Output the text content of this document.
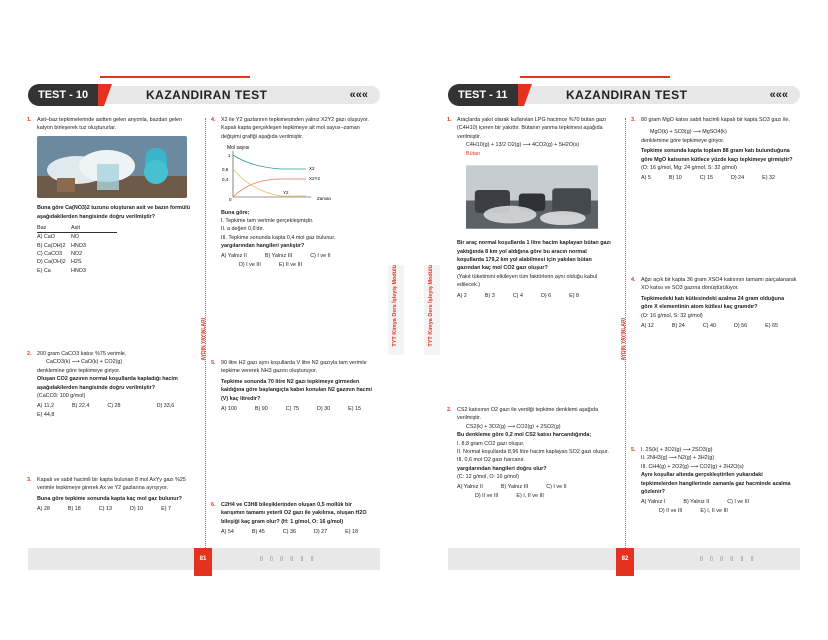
TEST - 10	KAZANDIRAN TEST	«««
AYDIN YAYINLARI
1. Asit–baz tepkimelerinde asitten gelen anyonla, bazdan gelen katyon birleşerek tuz oluştururlar.
Buna göre Ca(NO3)2 tuzunu oluşturan asit ve bazın formülü aşağıdakilerden hangisinde doğru verilmiştir?
Baz	Asit
A) CaO	NO
B) Ca(OH)2	HNO3
C) CaCO3	NO2
D) Ca(OH)2 H2S
E) Ca	HNO3
2. 200 gram CaCO3 katısı %75 verimle,
CaCO3(k) ⟶ CaO(k) + CO2(g)
denklemine göre tepkimeye giriyor.
Oluşan CO2 gazının normal koşullarda kapladığı hacim aşağıdakilerden hangisinde doğru verilmiştir?
(CaCO3: 100 g/mol)
A) 11,2	B) 22,4	C) 28	D) 33,6
E) 44,8
3. Kapalı ve sabit hacimli bir kapta bulunan 8 mol AxYy gazı %25 verimle tepkimeye girerek Ax ve Y2 gazlarına ayrışıyor.
Buna göre tepkime sonunda kapta kaç mol gaz bulunur?
A) 28	B) 18	C) 13	D) 10	E) 7
4. X2 ile Y2 gazlarının tepkimesinden yalnız X2Y2 gazı oluşuyor. Kapalı kapta gerçekleşen tepkimeye ait mol sayısı–zaman değişimi grafiği aşağıda verilmiştir.
Mol sayısı
1
0,6
0,4
0
X2
X2Y2
Y2
Zaman
Buna göre;
I. Tepkime tam verimle gerçekleşmiştir.
II. a değeri 0,6'dır.
III. Tepkime sonunda kapta 0,4 mol gaz bulunur.
yargılarından hangileri yanlıştır?
A) Yalnız II	B) Yalnız III	C) I ve II
D) I ve III	E) II ve III
5. 90 litre H2 gazı aynı koşullarda V litre N2 gazıyla tam verimle tepkime vererek NH3 gazını oluşturuyor.
Tepkime sonunda 70 litre N2 gazı tepkimeye girmeden kaldığına göre başlangıçta kabın konulan N2 gazının hacmi (V) kaç litredir?
A) 100	B) 90	C) 75	D) 30	E) 15
6. C2H4 ve C3H8 bileşiklerinden oluşan 0,5 mollük bir karışımın tamamı yeterli O2 gazı ile yakılırsa, oluşan H2O bileşiği kaç gram olur? (H: 1 g/mol, O: 16 g/mol)
A) 54	B) 45	C) 36	D) 27	E) 18
81	▯ ▯ ▯ ▯ ▯ ▯
TYT Kimya Ders İşleyiş Modülü	TYT Kimya Ders İşleyiş Modülü
TEST - 11	KAZANDIRAN TEST	«««
AYDIN YAYINLARI
1. Araçlarda yakıt olarak kullanılan LPG hacimce %70 bütan gazı (C4H10) içeren bir yakıttır. Bütanın yanma tepkimesi aşağıda verilmiştir.
C4H10(g) + 13/2 O2(g) ⟶ 4CO2(g) + 5H2O(s)
Bütan
Bir araç normal koşullarda 1 litre hacim kaplayan bütan gazı yaktığında 8 km yol aldığına göre bu aracın normal koşullarda 179,2 km yol alabilmesi için yakılan bütan gazından kaç mol CO2 gazı oluşur?
(Yakıt tüketimini etkileyen tüm faktörlerin aynı olduğu kabul edilecek.)
A) 2	B) 3	C) 4	D) 6	E) 8
2. CS2 katısının O2 gazı ile verdiği tepkime denklemi aşağıda verilmiştir.
CS2(k) + 3O2(g) ⟶ CO2(g) + 2SO2(g)
Bu denkleme göre 0,2 mol CS2 katısı harcandığında;
I. 8,8 gram CO2 gazı oluşur.
II. Normal koşullarda 8,96 litre hacim kaplayan SO2 gazı oluşur.
III. 0,6 mol O2 gazı harcanır.
yargılarından hangileri doğru olur?
(C: 12 g/mol, O: 16 g/mol)
A) Yalnız II	B) Yalnız III	C) I ve II
D) II ve III	E) I, II ve III
3. 80 gram MgO katısı sabit hacimli kapalı bir kapta SO3 gazı ile,
MgO(k) + SO3(g) ⟶ MgSO4(k)
denklemine göre tepkimeye giriyor.
Tepkime sonunda kapta toplam 88 gram katı bulunduğuna göre MgO katısının kütlece yüzde kaçı tepkimeye girmiştir?
(O: 16 g/mol, Mg: 24 g/mol, S: 32 g/mol)
A) 5	B) 10	C) 15	D) 24	E) 32
4. Ağzı açık bir kapta 36 gram XSO4 katısının tamamı parçalanarak XO katısı ve SO3 gazına dönüştürülüyor.
Tepkimedeki katı kütlesindeki azalma 24 gram olduğuna göre X elementinin atom kütlesi kaç gramdır?
(O: 16 g/mol, S: 32 g/mol)
A) 12	B) 24	C) 40	D) 56	E) 65
5. I. 2S(k) + 3O2(g) ⟶ 2SO3(g)
II. 2NH3(g) ⟶ N2(g) + 3H2(g)
III. CH4(g) + 2O2(g) ⟶ CO2(g) + 2H2O(s)
Aynı koşullar altında gerçekleştirilen yukarıdaki tepkimelerden hangilerinde zamanla gaz hacminde azalma gözlenir?
A) Yalnız I	B) Yalnız II	C) I ve III
D) II ve III	E) I, II ve III
82	▯ ▯ ▯ ▯ ▯ ▯
